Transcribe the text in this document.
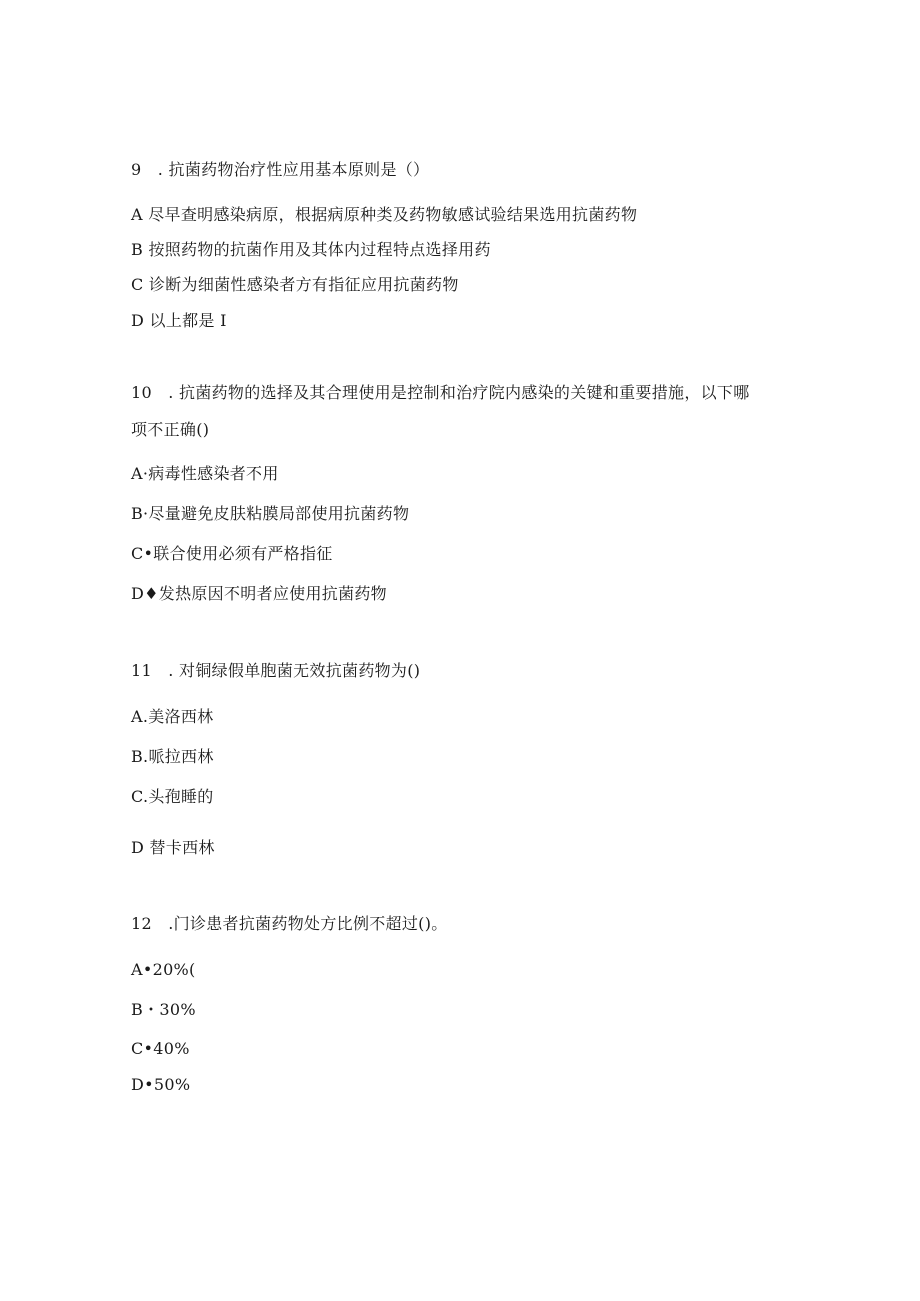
9　. 抗菌药物治疗性应用基本原则是（）
A 尽早查明感染病原，根据病原种类及药物敏感试验结果选用抗菌药物
B 按照药物的抗菌作用及其体内过程特点选择用药
C 诊断为细菌性感染者方有指征应用抗菌药物
D 以上都是 I
10　. 抗菌药物的选择及其合理使用是控制和治疗院内感染的关键和重要措施，以下哪
项不正确()
A·病毒性感染者不用
B·尽量避免皮肤粘膜局部使用抗菌药物
C•联合使用必须有严格指征
D♦发热原因不明者应使用抗菌药物
11　. 对铜绿假单胞菌无效抗菌药物为()
A.美洛西林
B.哌拉西林
C.头孢睡的
D 替卡西林
12　.门诊患者抗菌药物处方比例不超过()。
A•20%(
B・30%
C•40%
D•50%
